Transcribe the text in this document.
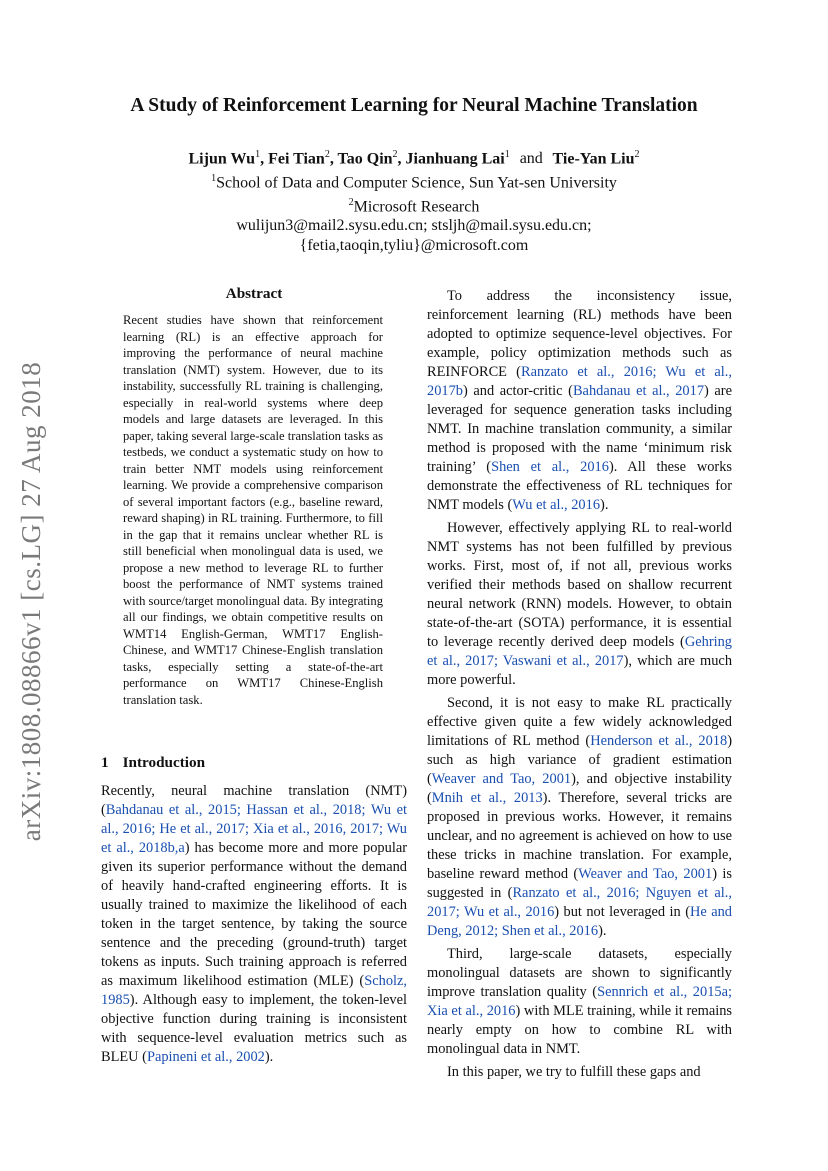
arXiv:1808.08866v1 [cs.LG] 27 Aug 2018
A Study of Reinforcement Learning for Neural Machine Translation
Lijun Wu$^1$, Fei Tian$^2$, Tao Qin$^2$, Jianhuang Lai$^1$ and Tie-Yan Liu$^2$
$^1$School of Data and Computer Science, Sun Yat-sen University
$^2$Microsoft Research
wulijun3@mail2.sysu.edu.cn; stsljh@mail.sysu.edu.cn;
{fetia,taoqin,tyliu}@microsoft.com
Abstract
Recent studies have shown that reinforcement learning (RL) is an effective approach for improving the performance of neural machine translation (NMT) system. However, due to its instability, successfully RL training is challenging, especially in real-world systems where deep models and large datasets are leveraged. In this paper, taking several large-scale translation tasks as testbeds, we conduct a systematic study on how to train better NMT models using reinforcement learning. We provide a comprehensive comparison of several important factors (e.g., baseline reward, reward shaping) in RL training. Furthermore, to fill in the gap that it remains unclear whether RL is still beneficial when monolingual data is used, we propose a new method to leverage RL to further boost the performance of NMT systems trained with source/target monolingual data. By integrating all our findings, we obtain competitive results on WMT14 English-German, WMT17 English-Chinese, and WMT17 Chinese-English translation tasks, especially setting a state-of-the-art performance on WMT17 Chinese-English translation task.
1 Introduction

Recently, neural machine translation (NMT) (Bahdanau et al., 2015; Hassan et al., 2018; Wu et al., 2016; He et al., 2017; Xia et al., 2016, 2017; Wu et al., 2018b,a) has become more and more popular given its superior performance without the demand of heavily hand-crafted engineering efforts. It is usually trained to maximize the likelihood of each token in the target sentence, by taking the source sentence and the preceding (ground-truth) target tokens as inputs. Such training approach is referred as maximum likelihood estimation (MLE) (Scholz, 1985). Although easy to implement, the token-level objective function during training is inconsistent with sequence-level evaluation metrics such as BLEU (Papineni et al., 2002).

To address the inconsistency issue, reinforcement learning (RL) methods have been adopted to optimize sequence-level objectives. For example, policy optimization methods such as REINFORCE (Ranzato et al., 2016; Wu et al., 2017b) and actor-critic (Bahdanau et al., 2017) are leveraged for sequence generation tasks including NMT. In machine translation community, a similar method is proposed with the name ‘minimum risk training’ (Shen et al., 2016). All these works demonstrate the effectiveness of RL techniques for NMT models (Wu et al., 2016).

However, effectively applying RL to real-world NMT systems has not been fulfilled by previous works. First, most of, if not all, previous works verified their methods based on shallow recurrent neural network (RNN) models. However, to obtain state-of-the-art (SOTA) performance, it is essential to leverage recently derived deep models (Gehring et al., 2017; Vaswani et al., 2017), which are much more powerful.

Second, it is not easy to make RL practically effective given quite a few widely acknowledged limitations of RL method (Henderson et al., 2018) such as high variance of gradient estimation (Weaver and Tao, 2001), and objective instability (Mnih et al., 2013). Therefore, several tricks are proposed in previous works. However, it remains unclear, and no agreement is achieved on how to use these tricks in machine translation. For example, baseline reward method (Weaver and Tao, 2001) is suggested in (Ranzato et al., 2016; Nguyen et al., 2017; Wu et al., 2016) but not leveraged in (He and Deng, 2012; Shen et al., 2016).

Third, large-scale datasets, especially monolingual datasets are shown to significantly improve translation quality (Sennrich et al., 2015a; Xia et al., 2016) with MLE training, while it remains nearly empty on how to combine RL with monolingual data in NMT.

In this paper, we try to fulfill these gaps and
